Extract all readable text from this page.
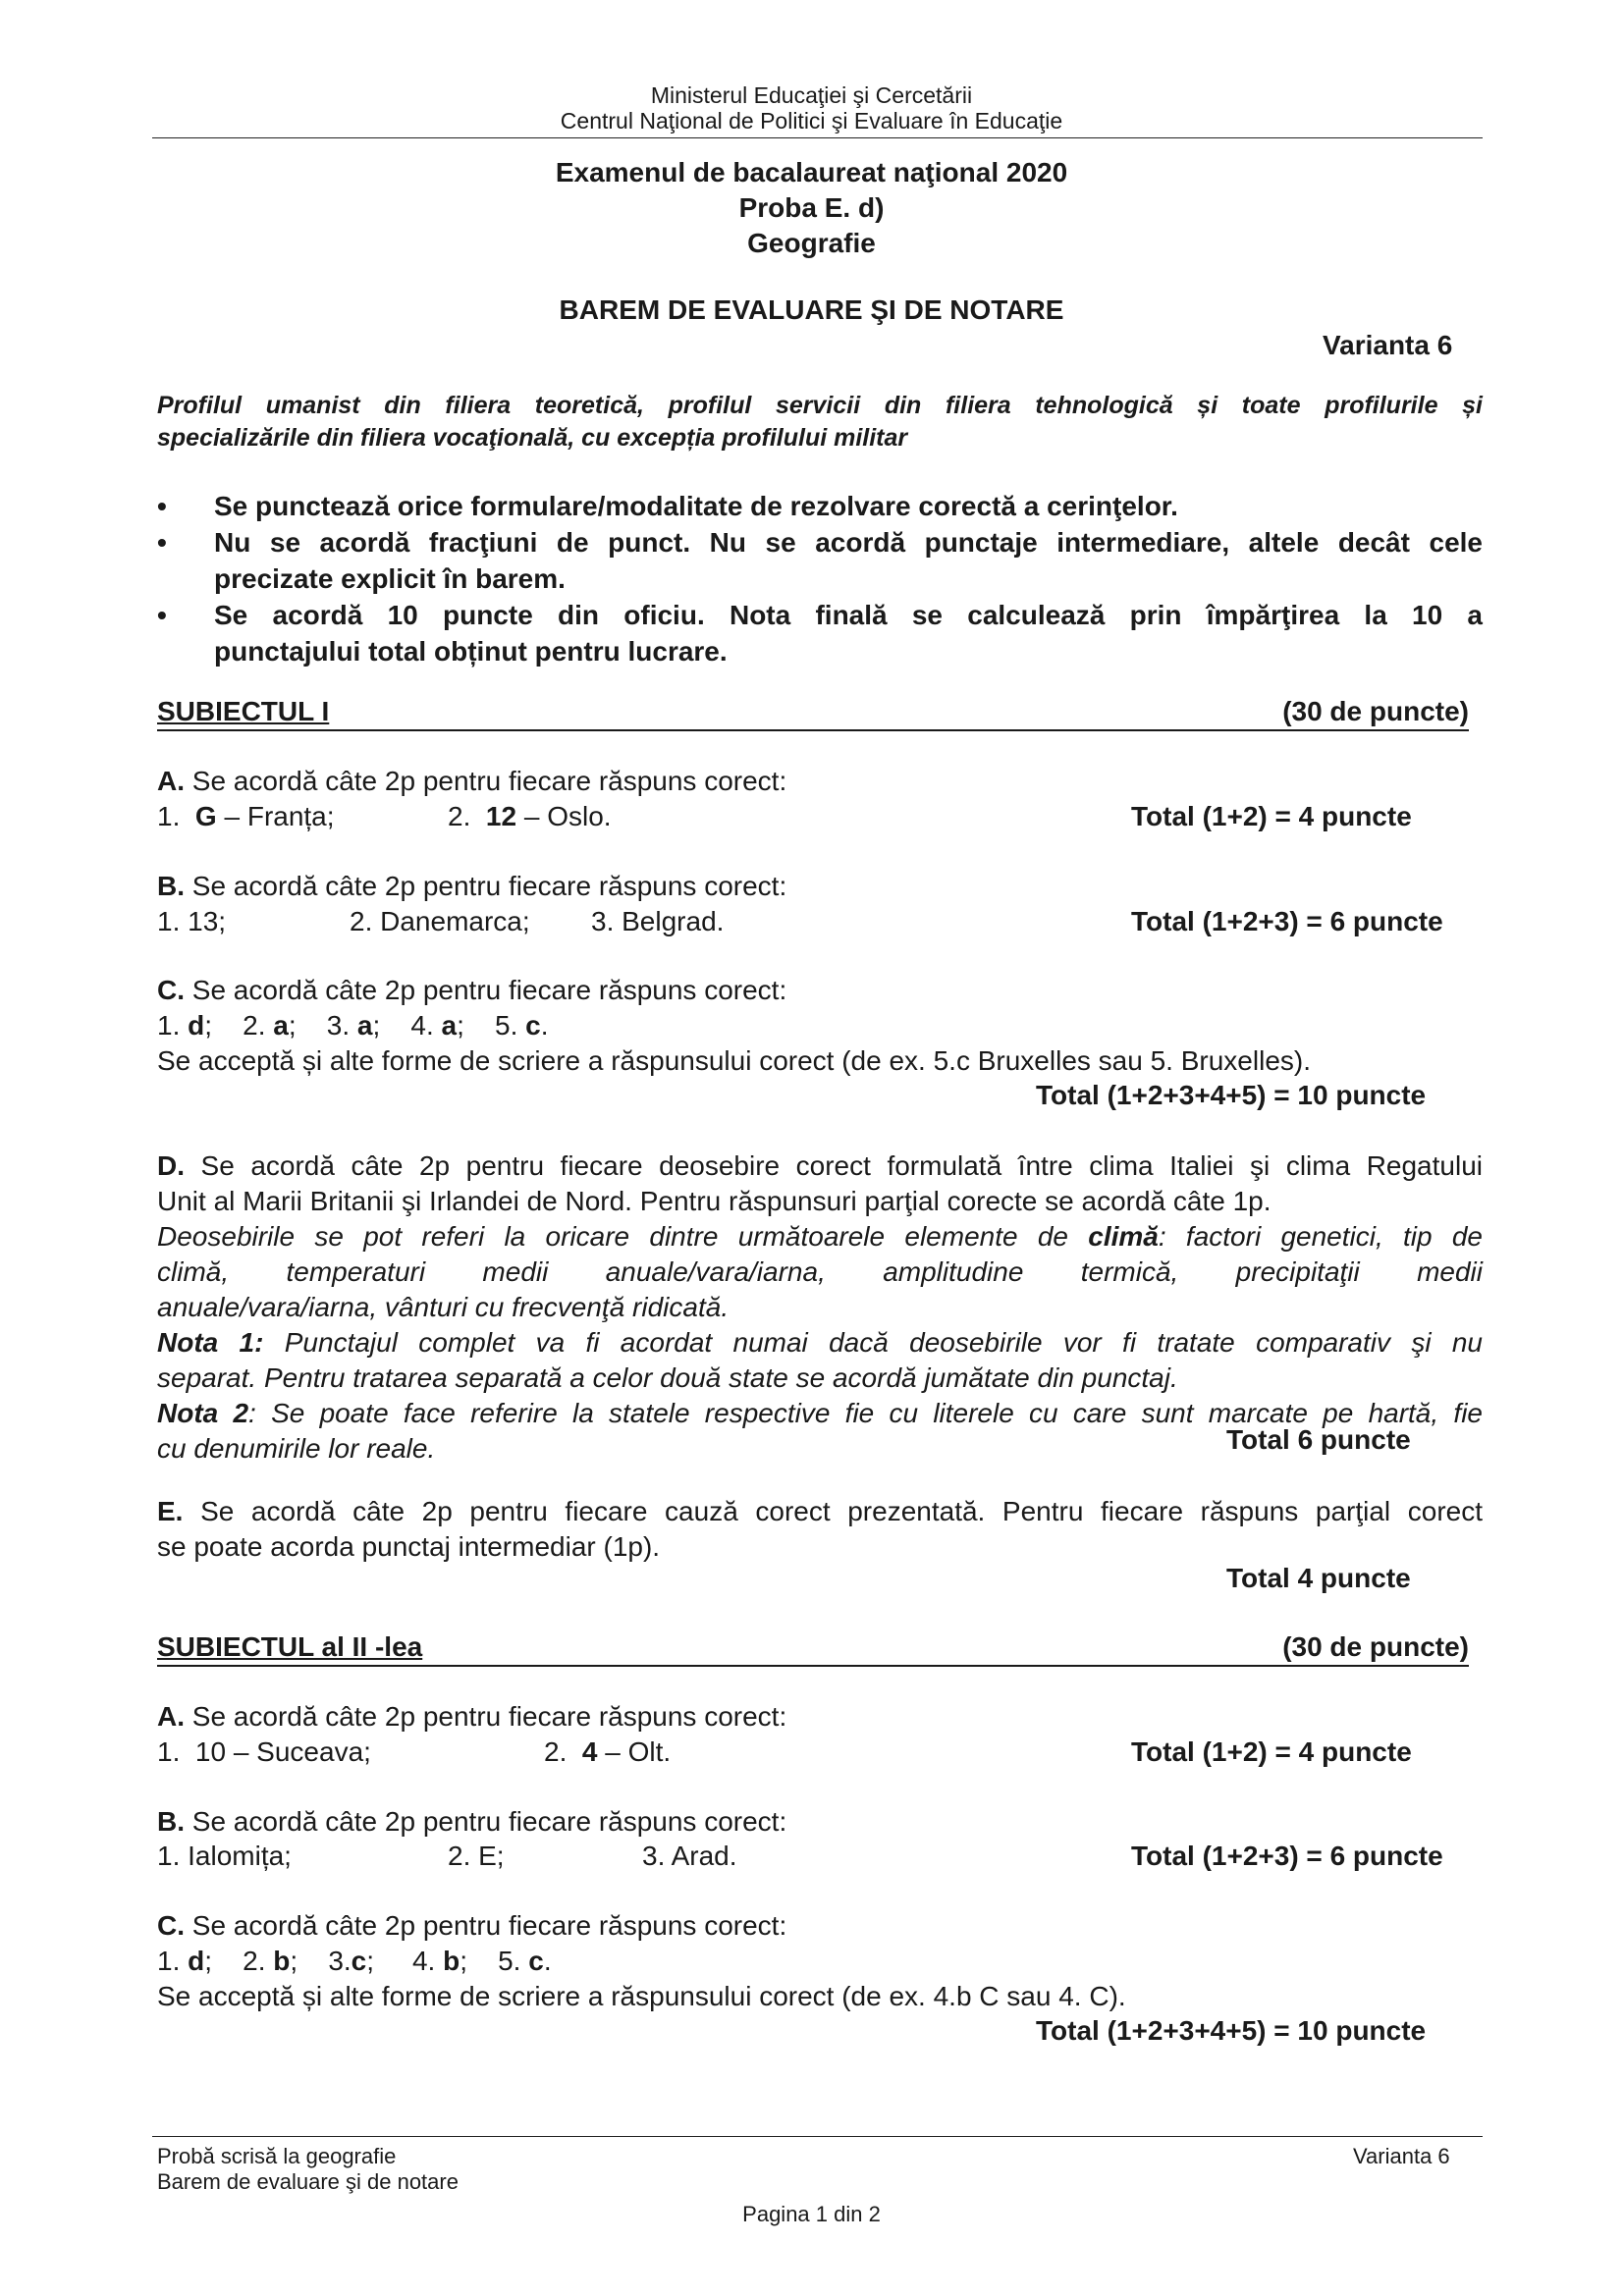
Ministerul Educaţiei şi Cercetării
Centrul Naţional de Politici şi Evaluare în Educaţie
Examenul de bacalaureat naţional 2020
Proba E. d)
Geografie
BAREM DE EVALUARE ŞI DE NOTARE
Varianta 6
Profilul umanist din filiera teoretică, profilul servicii din filiera tehnologică și toate profilurile și
specializările din filiera vocaţională, cu excepția profilului militar
• Se punctează orice formulare/modalitate de rezolvare corectă a cerinţelor.
• Nu se acordă fracţiuni de punct. Nu se acordă punctaje intermediare, altele decât cele
precizate explicit în barem.
• Se acordă 10 puncte din oficiu. Nota finală se calculează prin împărţirea la 10 a
punctajului total obținut pentru lucrare.
SUBIECTUL I	(30 de puncte)
A. Se acordă câte 2p pentru fiecare răspuns corect:
1. G – Franța;	2. 12 – Oslo.	Total (1+2) = 4 puncte
B. Se acordă câte 2p pentru fiecare răspuns corect:
1. 13;	2. Danemarca; 3. Belgrad.	Total (1+2+3) = 6 puncte
C. Se acordă câte 2p pentru fiecare răspuns corect:
1. d; 2. a; 3. a; 4. a; 5. c.
Se acceptă și alte forme de scriere a răspunsului corect (de ex. 5.c Bruxelles sau 5. Bruxelles).
Total (1+2+3+4+5) = 10 puncte
D. Se acordă câte 2p pentru fiecare deosebire corect formulată între clima Italiei şi clima Regatului
Unit al Marii Britanii şi Irlandei de Nord. Pentru răspunsuri parţial corecte se acordă câte 1p.
Deosebirile se pot referi la oricare dintre următoarele elemente de climă: factori genetici, tip de
climă, temperaturi medii anuale/vara/iarna, amplitudine termică, precipitaţii medii
anuale/vara/iarna, vânturi cu frecvenţă ridicată.
Nota 1: Punctajul complet va fi acordat numai dacă deosebirile vor fi tratate comparativ şi nu
separat. Pentru tratarea separată a celor două state se acordă jumătate din punctaj.
Nota 2: Se poate face referire la statele respective fie cu literele cu care sunt marcate pe hartă, fie
cu denumirile lor reale.	Total 6 puncte
E. Se acordă câte 2p pentru fiecare cauză corect prezentată. Pentru fiecare răspuns parţial corect
se poate acorda punctaj intermediar (1p).
Total 4 puncte
SUBIECTUL al II -lea	(30 de puncte)
A. Se acordă câte 2p pentru fiecare răspuns corect:
1.  10 – Suceava;	2. 4 – Olt.	Total (1+2) = 4 puncte
B. Se acordă câte 2p pentru fiecare răspuns corect:
1. Ialomița;	2. E;	3. Arad.	Total (1+2+3) = 6 puncte
C. Se acordă câte 2p pentru fiecare răspuns corect:
1. d; 2. b; 3.c; 4. b; 5. c.
Se acceptă și alte forme de scriere a răspunsului corect (de ex. 4.b C sau 4. C).
Total (1+2+3+4+5) = 10 puncte
Probă scrisă la geografie
Barem de evaluare şi de notare
Varianta 6
Pagina 1 din 2
